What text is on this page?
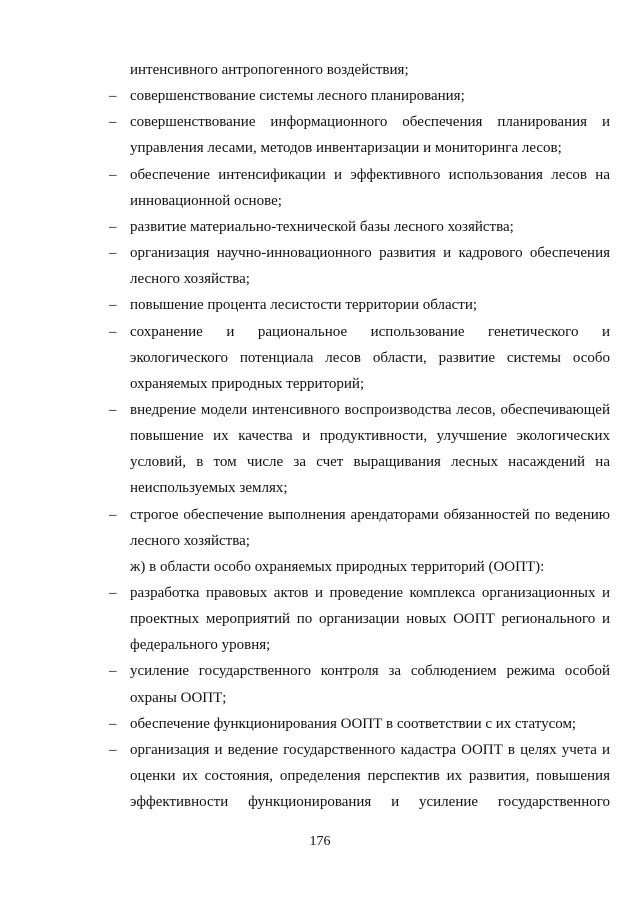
интенсивного антропогенного воздействия;
– совершенствование системы лесного планирования;
– совершенствование информационного обеспечения планирования и
управления лесами, методов инвентаризации и мониторинга лесов;
– обеспечение интенсификации и эффективного использования лесов на
инновационной основе;
– развитие материально-технической базы лесного хозяйства;
– организация научно-инновационного развития и кадрового обеспечения
лесного хозяйства;
– повышение процента лесистости территории области;
– сохранение и рациональное использование генетического и
экологического потенциала лесов области, развитие системы особо
охраняемых природных территорий;
– внедрение модели интенсивного воспроизводства лесов, обеспечивающей
повышение их качества и продуктивности, улучшение экологических
условий, в том числе за счет выращивания лесных насаждений на
неиспользуемых землях;
– строгое обеспечение выполнения арендаторами обязанностей по ведению
лесного хозяйства;
ж) в области особо охраняемых природных территорий (ООПТ):
– разработка правовых актов и проведение комплекса организационных и
проектных мероприятий по организации новых ООПТ регионального и
федерального уровня;
– усиление государственного контроля за соблюдением режима особой
охраны ООПТ;
– обеспечение функционирования ООПТ в соответствии с их статусом;
– организация и ведение государственного кадастра ООПТ в целях учета и
оценки их состояния, определения перспектив их развития, повышения
эффективности функционирования и усиление государственного
176
